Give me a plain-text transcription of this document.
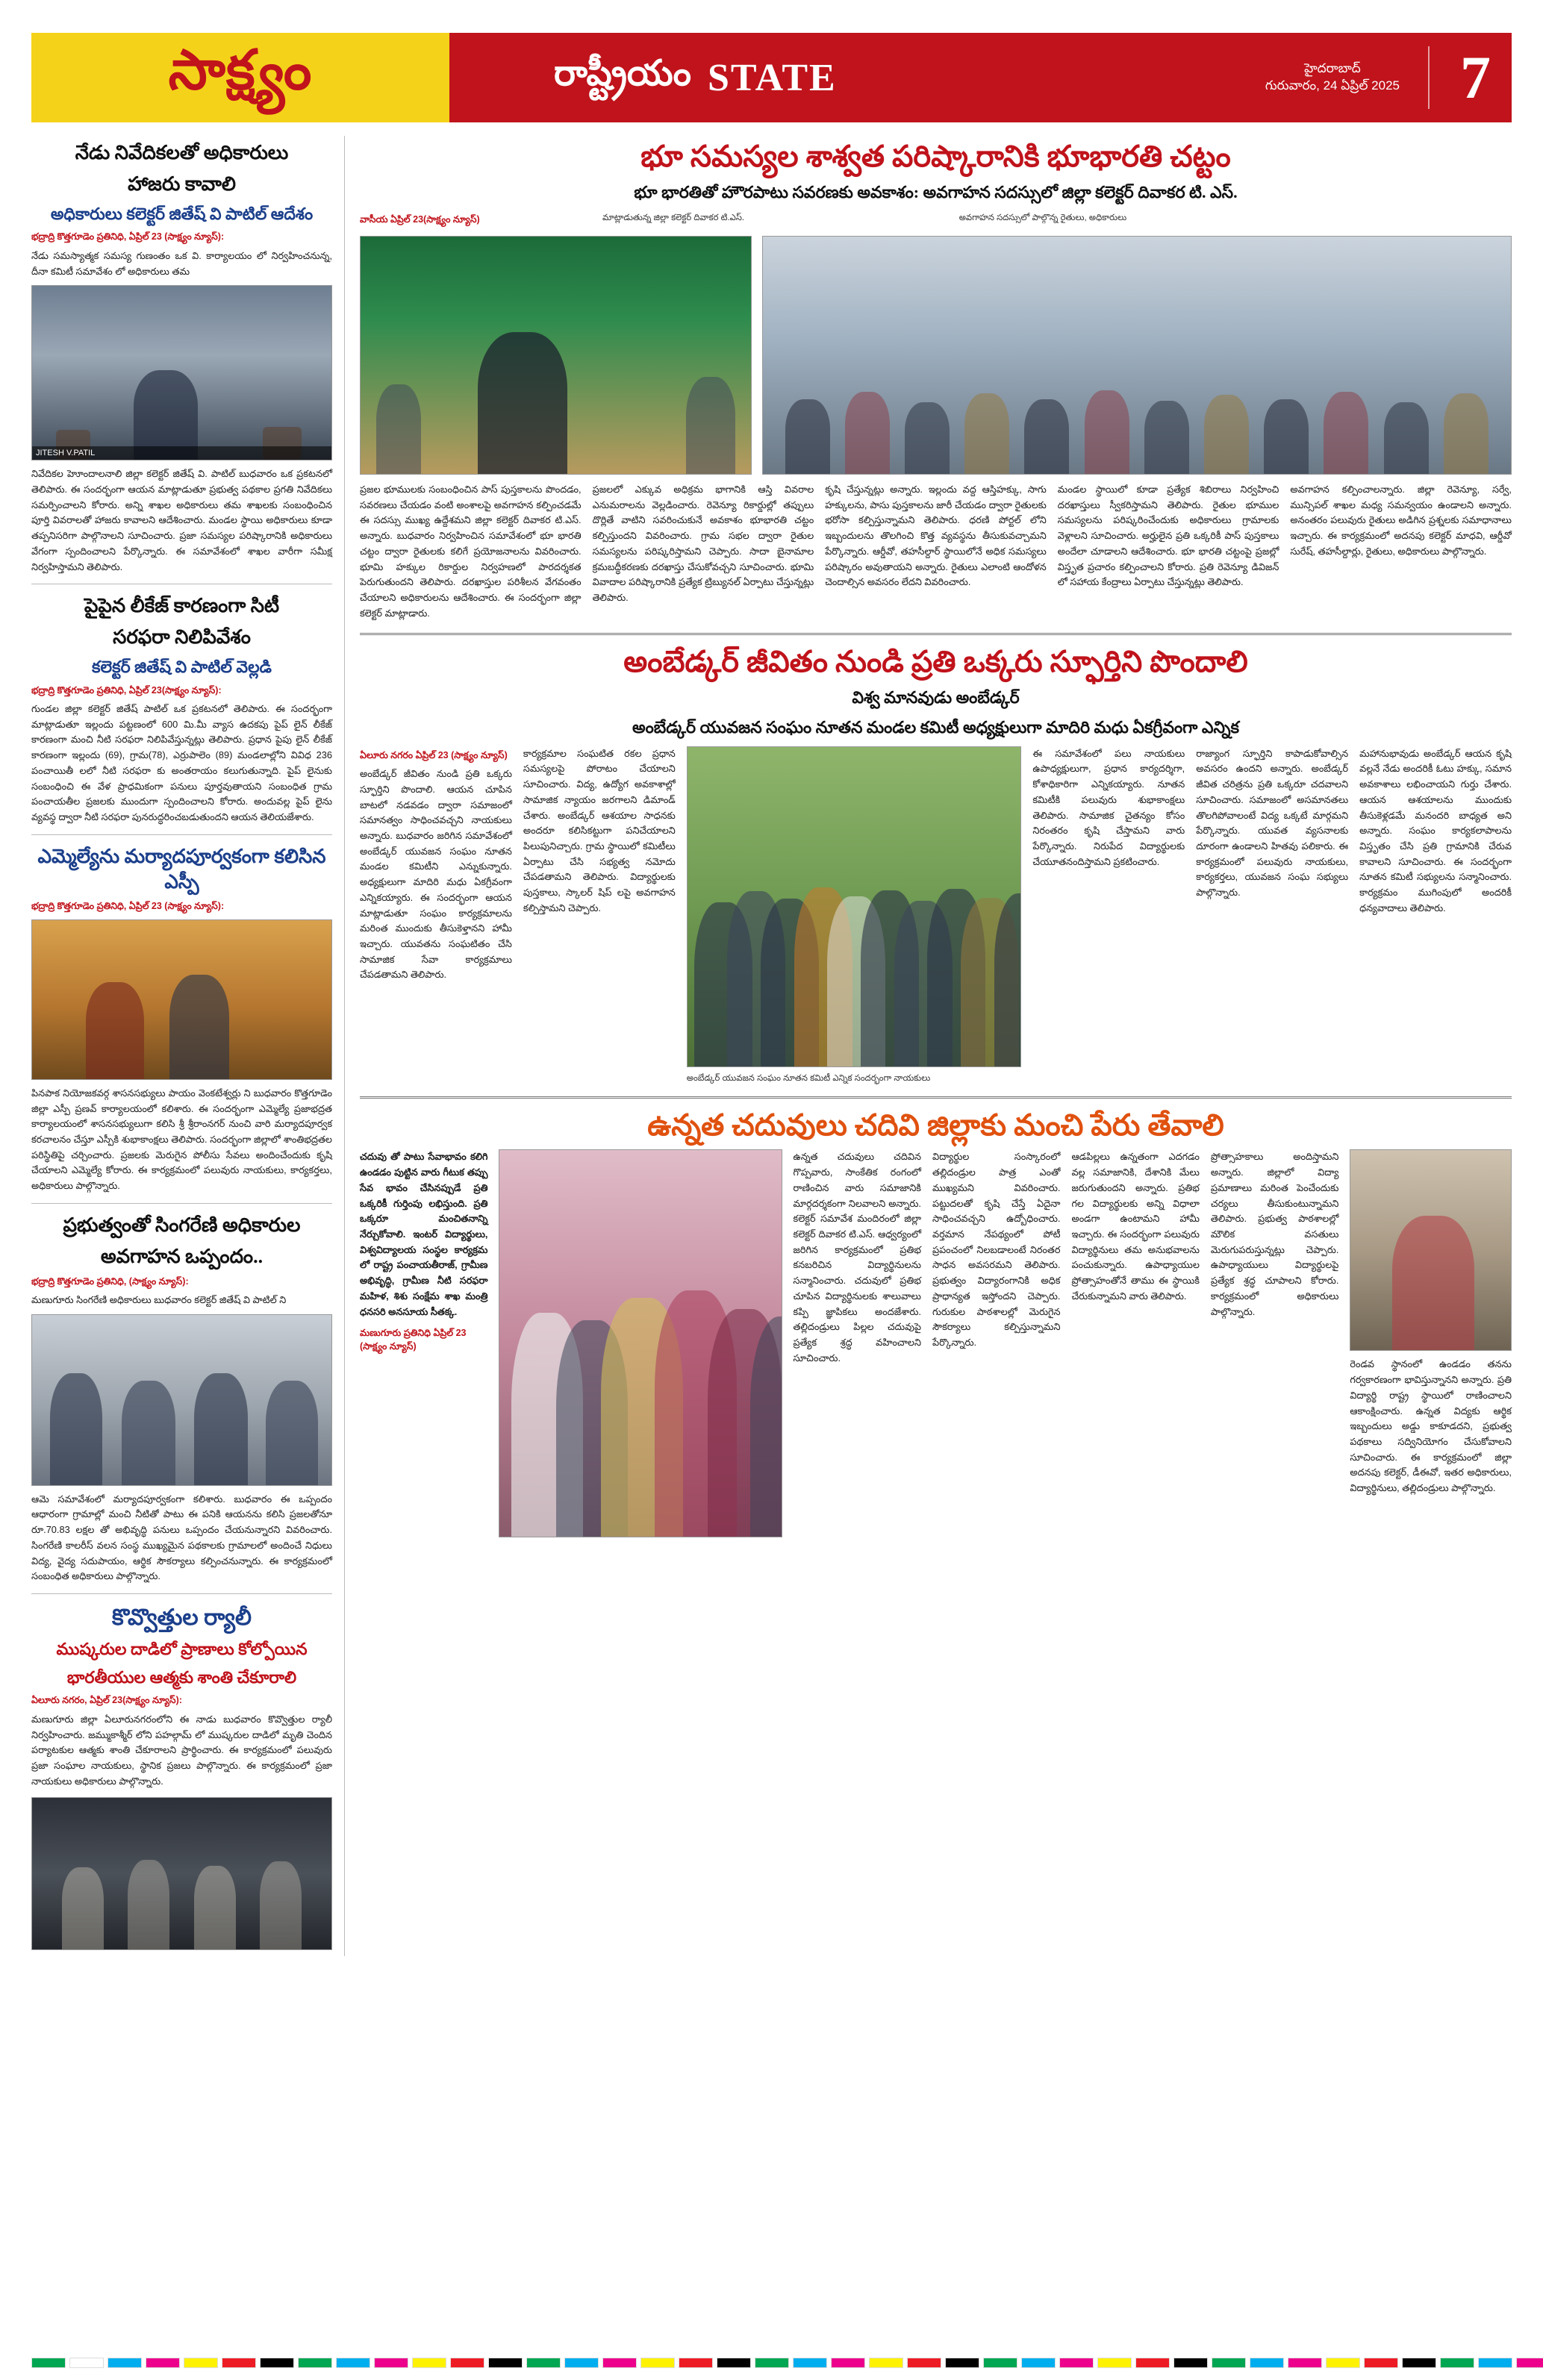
సాక్ష్యం	రాష్ట్రీయం STATE	హైదరాబాద్
గురువారం, 24 ఏప్రిల్ 2025 7
నేడు నివేదికలతో అధికారులు
హాజరు కావాలి
అధికారులు కలెక్టర్ జితేష్ వి పాటిల్ ఆదేశం
భద్రాద్రి కొత్తగూడెం ప్రతినిధి, ఏప్రిల్ 23 (సాక్ష్యం న్యూస్):
నేడు సమస్యాత్మక సమస్య గుణంతం ఒక వి. కార్యాలయం లో నిర్వహించనున్న, దీనా కమిటీ సమావేశం లో అధికారులు తమ
JITESH V.PATIL
నివేదికల హెూందాలనాలి జిల్లా కలెక్టర్ జితేష్ వి. పాటిల్ బుధవారం ఒక ప్రకటనలో తెలిపారు. ఈ సందర్భంగా ఆయన మాట్లాడుతూ ప్రభుత్వ పథకాల ప్రగతి నివేదికలు సమర్పించాలని కోరారు. అన్ని శాఖల అధికారులు తమ శాఖలకు సంబంధించిన పూర్తి వివరాలతో హాజరు కావాలని ఆదేశించారు. మండల స్థాయి అధికారులు కూడా తప్పనిసరిగా పాల్గొనాలని సూచించారు. ప్రజా సమస్యల పరిష్కారానికి అధికారులు వేగంగా స్పందించాలని పేర్కొన్నారు. ఈ సమావేశంలో శాఖల వారీగా సమీక్ష నిర్వహిస్తామని తెలిపారు.
పైపైన లీకేజ్ కారణంగా సిటీ
సరఫరా నిలిపివేశం
కలెక్టర్ జితేష్ వి పాటిల్ వెల్లడి
భద్రాద్రి కొత్తగూడెం ప్రతినిధి, ఏప్రిల్ 23(సాక్ష్యం న్యూస్):
గుండల జిల్లా కలెక్టర్ జితేష్ పాటిల్ ఒక ప్రకటనలో తెలిపారు. ఈ సందర్భంగా మాట్లాడుతూ ఇల్లందు పట్టణంలో 600 మి.మీ వ్యాస ఉదకపు పైప్ లైన్ లీకేజ్ కారణంగా మంచి నీటి సరఫరా నిలిపివేస్తున్నట్లు తెలిపారు. ప్రధాన పైపు లైన్ లీకేజ్ కారణంగా ఇల్లందు (69), గ్రామ(78), ఎర్రుపాలెం (89) మండలాల్లోని వివిధ 236 పంచాయితీ లలో నీటి సరఫరా కు అంతరాయం కలుగుతున్నాది. పైప్ లైనుకు సంబంధించి ఈ వేళ ప్రాధమికంగా పనులు పూర్తవుతాయని సంబంధిత గ్రామ పంచాయతీల ప్రజలకు ముందుగా స్పందించాలని కోరారు. అందువల్ల పైప్ లైను వ్యవస్థ ద్వారా నీటి సరఫరా పునరుద్ధరించబడుతుందని ఆయన తెలియజేశారు.
ఎమ్మెల్యేను మర్యాదపూర్వకంగా కలిసిన ఎస్పీ
భద్రాద్రి కొత్తగూడెం ప్రతినిధి, ఏప్రిల్ 23 (సాక్ష్యం న్యూస్):
పినపాక నియోజకవర్గ శాసనసభ్యులు పాయం వెంకటేశ్వర్లు ని బుధవారం కొత్తగూడెం జిల్లా ఎస్పీ ప్రణవ్ కార్యాలయంలో కలిశారు. ఈ సందర్భంగా ఎమ్మెల్యే ప్రజాభద్రత కార్యాలయంలో శాసనసభ్యులుగా కలిసి శ్రీ శ్రీరాంనగర్ నుంచి వారి మర్యాదపూర్వక కరచాలనం చేస్తూ ఎస్పీకి శుభాకాంక్షలు తెలిపారు. సందర్భంగా జిల్లాలో శాంతిభద్రతల పరిస్థితిపై చర్చించారు. ప్రజలకు మెరుగైన పోలీసు సేవలు అందించేందుకు కృషి చేయాలని ఎమ్మెల్యే కోరారు. ఈ కార్యక్రమంలో పలువురు నాయకులు, కార్యకర్తలు, అధికారులు పాల్గొన్నారు.
ప్రభుత్వంతో సింగరేణి అధికారుల
అవగాహన ఒప్పందం..
భద్రాద్రి కొత్తగూడెం ప్రతినిధి, (సాక్ష్యం న్యూస్):
మణుగూరు సింగరేణి అధికారులు బుధవారం కలెక్టర్ జితేష్ వి పాటిల్ ని
ఆమె సమావేశంలో మర్యాదపూర్వకంగా కలిశారు. బుధవారం ఈ ఒప్పందం ఆధారంగా గ్రామాల్లో మంచి నీటితో పాటు ఈ పనికి ఆయనను కలిసి ప్రజలతోనూ రూ.70.83 లక్షల తో అభివృద్ధి పనులు ఒప్పందం చేయనున్నారని వివరించారు. సింగరేణి కాలరీస్ వలన సంస్థ ముఖ్యమైన పథకాలకు గ్రామాలలో అందించే నిధులు విద్య, వైద్య సదుపాయం, ఆర్థిక సౌకర్యాలు కల్పించనున్నారు. ఈ కార్యక్రమంలో సంబంధిత అధికారులు పాల్గొన్నారు.
కొవ్వొత్తుల ర్యాలీ
ముష్కరుల దాడిలో ప్రాణాలు కోల్పోయిన
భారతీయుల ఆత్మకు శాంతి చేకూరాలి
ఏలూరు నగరం, ఏప్రిల్ 23(సాక్ష్యం న్యూస్):
మణుగూరు జిల్లా ఏలూరునగరంలోని ఈ నాడు బుధవారం కొవ్వొత్తుల ర్యాలీ నిర్వహించారు. జమ్ముకాశ్మీర్ లోని పహల్గామ్ లో ముష్కరుల దాడిలో మృతి చెందిన పర్యాటకుల ఆత్మకు శాంతి చేకూరాలని ప్రార్థించారు. ఈ కార్యక్రమంలో పలువురు ప్రజా సంఘాల నాయకులు, స్థానిక ప్రజలు పాల్గొన్నారు. ఈ కార్యక్రమంలో ప్రజా నాయకులు అధికారులు పాల్గొన్నారు.
భూ సమస్యల శాశ్వత పరిష్కారానికి భూభారతి చట్టం
భూ భారతితో హౌరపాటు సవరణకు అవకాశం: అవగాహన సదస్సులో జిల్లా కలెక్టర్ దివాకర టి. ఎస్.
వాసీయ ఏప్రిల్ 23(సాక్ష్యం న్యూస్)	మాట్లాడుతున్న జిల్లా కలెక్టర్ దివాకర టి.ఎస్.	అవగాహన సదస్సులో పాల్గొన్న రైతులు, అధికారులు
ప్రజల భూములకు సంబంధించిన పాస్ పుస్తకాలను పొందడం, సవరణలు చేయడం వంటి అంశాలపై అవగాహన కల్పించడమే ఈ సదస్సు ముఖ్య ఉద్దేశమని జిల్లా కలెక్టర్ దివాకర టి.ఎస్. అన్నారు. బుధవారం నిర్వహించిన సమావేశంలో భూ భారతి చట్టం ద్వారా రైతులకు కలిగే ప్రయోజనాలను వివరించారు. భూమి హక్కుల రికార్డుల నిర్వహణలో పారదర్శకత పెరుగుతుందని తెలిపారు. దరఖాస్తుల పరిశీలన వేగవంతం చేయాలని అధికారులను ఆదేశించారు. ఈ సందర్భంగా జిల్లా కలెక్టర్ మాట్లాడారు.
ప్రజలలో ఎక్కువ అధిక్రమ భాగానికి ఆస్తి వివరాల ఎనుమరాలను వెల్లడించారు. రెవెన్యూ రికార్డుల్లో తప్పులు దొర్లితే వాటిని సవరించుకునే అవకాశం భూభారతి చట్టం కల్పిస్తుందని వివరించారు. గ్రామ సభల ద్వారా రైతుల సమస్యలను పరిష్కరిస్తామని చెప్పారు. సాదా బైనామాల క్రమబద్ధీకరణకు దరఖాస్తు చేసుకోవచ్చని సూచించారు. భూమి వివాదాల పరిష్కారానికి ప్రత్యేక ట్రిబ్యునల్ ఏర్పాటు చేస్తున్నట్లు తెలిపారు.
కృషి చేస్తున్నట్లు అన్నారు. ఇల్లందు వద్ద ఆస్తిహక్కు, సాగు హక్కులను, పాసు పుస్తకాలను జారీ చేయడం ద్వారా రైతులకు భరోసా కల్పిస్తున్నామని తెలిపారు. ధరణి పోర్టల్ లోని ఇబ్బందులను తొలగించి కొత్త వ్యవస్థను తీసుకువచ్చామని పేర్కొన్నారు. ఆర్డీవో, తహసీల్దార్ స్థాయిలోనే అధిక సమస్యలు పరిష్కారం అవుతాయని అన్నారు. రైతులు ఎలాంటి ఆందోళన చెందాల్సిన అవసరం లేదని వివరించారు.
మండల స్థాయిలో కూడా ప్రత్యేక శిబిరాలు నిర్వహించి దరఖాస్తులు స్వీకరిస్తామని తెలిపారు. రైతుల భూముల సమస్యలను పరిష్కరించేందుకు అధికారులు గ్రామాలకు వెళ్లాలని సూచించారు. అర్హులైన ప్రతి ఒక్కరికీ పాస్ పుస్తకాలు అందేలా చూడాలని ఆదేశించారు. భూ భారతి చట్టంపై ప్రజల్లో విస్తృత ప్రచారం కల్పించాలని కోరారు. ప్రతి రెవెన్యూ డివిజన్ లో సహాయ కేంద్రాలు ఏర్పాటు చేస్తున్నట్లు తెలిపారు.
అవగాహన కల్పించాలన్నారు. జిల్లా రెవెన్యూ, సర్వే, మున్సిపల్ శాఖల మధ్య సమన్వయం ఉండాలని అన్నారు. అనంతరం పలువురు రైతులు అడిగిన ప్రశ్నలకు సమాధానాలు ఇచ్చారు. ఈ కార్యక్రమంలో అదనపు కలెక్టర్ మాధవి, ఆర్డీవో సురేష్, తహసీల్దార్లు, రైతులు, అధికారులు పాల్గొన్నారు.
అంబేడ్కర్ జీవితం నుండి ప్రతి ఒక్కరు స్ఫూర్తిని పొందాలి
విశ్వ మానవుడు అంబేడ్కర్
అంబేడ్కర్ యువజన సంఘం నూతన మండల కమిటీ అధ్యక్షులుగా మాదిరి మధు ఏకగ్రీవంగా ఎన్నిక
ఏలూరు నగరం ఏప్రిల్ 23 (సాక్ష్యం న్యూస్)
అంబేడ్కర్ జీవితం నుండి ప్రతి ఒక్కరు స్ఫూర్తిని పొందాలి. ఆయన చూపిన బాటలో నడవడం ద్వారా సమాజంలో సమానత్వం సాధించవచ్చని నాయకులు అన్నారు. బుధవారం జరిగిన సమావేశంలో అంబేడ్కర్ యువజన సంఘం నూతన మండల కమిటీని ఎన్నుకున్నారు. అధ్యక్షులుగా మాదిరి మధు ఏకగ్రీవంగా ఎన్నికయ్యారు. ఈ సందర్భంగా ఆయన మాట్లాడుతూ సంఘం కార్యక్రమాలను మరింత ముందుకు తీసుకెళ్తానని హామీ ఇచ్చారు. యువతను సంఘటితం చేసి సామాజిక సేవా కార్యక్రమాలు చేపడతామని తెలిపారు.
కార్యక్రమాల సంఘటిత రకల ప్రధాన సమస్యలపై పోరాటం చేయాలని సూచించారు. విద్య, ఉద్యోగ అవకాశాల్లో సామాజిక న్యాయం జరగాలని డిమాండ్ చేశారు. అంబేడ్కర్ ఆశయాల సాధనకు అందరూ కలిసికట్టుగా పనిచేయాలని పిలుపునిచ్చారు. గ్రామ స్థాయిలో కమిటీలు ఏర్పాటు చేసి సభ్యత్వ నమోదు చేపడతామని తెలిపారు. విద్యార్థులకు పుస్తకాలు, స్కాలర్ షిప్ లపై అవగాహన కల్పిస్తామని చెప్పారు.
అంబేడ్కర్ యువజన సంఘం నూతన కమిటీ ఎన్నిక సందర్భంగా నాయకులు
ఈ సమావేశంలో పలు నాయకులు ఉపాధ్యక్షులుగా, ప్రధాన కార్యదర్శిగా, కోశాధికారిగా ఎన్నికయ్యారు. నూతన కమిటీకి పలువురు శుభాకాంక్షలు తెలిపారు. సామాజిక చైతన్యం కోసం నిరంతరం కృషి చేస్తామని వారు పేర్కొన్నారు. నిరుపేద విద్యార్థులకు చేయూతనందిస్తామని ప్రకటించారు.
రాజ్యాంగ స్ఫూర్తిని కాపాడుకోవాల్సిన అవసరం ఉందని అన్నారు. అంబేడ్కర్ జీవిత చరిత్రను ప్రతి ఒక్కరూ చదవాలని సూచించారు. సమాజంలో అసమానతలు తొలగిపోవాలంటే విద్య ఒక్కటే మార్గమని పేర్కొన్నారు. యువత వ్యసనాలకు దూరంగా ఉండాలని హితవు పలికారు. ఈ కార్యక్రమంలో పలువురు నాయకులు, కార్యకర్తలు, యువజన సంఘ సభ్యులు పాల్గొన్నారు.
మహానుభావుడు అంబేడ్కర్ ఆయన కృషి వల్లనే నేడు అందరికీ ఓటు హక్కు, సమాన అవకాశాలు లభించాయని గుర్తు చేశారు. ఆయన ఆశయాలను ముందుకు తీసుకెళ్లడమే మనందరి బాధ్యత అని అన్నారు. సంఘం కార్యకలాపాలను విస్తృతం చేసి ప్రతి గ్రామానికి చేరువ కావాలని సూచించారు. ఈ సందర్భంగా నూతన కమిటీ సభ్యులను సన్మానించారు. కార్యక్రమం ముగింపులో అందరికీ ధన్యవాదాలు తెలిపారు.
ఉన్నత చదువులు చదివి జిల్లాకు మంచి పేరు తేవాలి
చదువు తో పాటు సేవాభావం కలిగి ఉండడం పుట్టిన వారు గీటుక తప్పు సేవ భావం చేసినప్పుడే ప్రతి ఒక్కరికీ గుర్తింపు లభిస్తుంది. ప్రతి ఒక్కరూ మంచితనాన్ని నేర్చుకోవాలి. ఇంటర్ విద్యార్థులు, విశ్వవిద్యాలయ సంస్థల కార్యక్రమ లో రాష్ట్ర పంచాయతీరాజ్, గ్రామీణ అభివృద్ధి, గ్రామీణ నీటి సరఫరా మహిళ, శిశు సంక్షేమ శాఖ మంత్రి ధనసరి అనసూయ సీతక్క.
మణుగూరు ప్రతినిధి ఏప్రిల్ 23 (సాక్ష్యం న్యూస్)
ఉన్నత చదువులు చదివిన గొప్పవారు, సాంకేతిక రంగంలో రాణించిన వారు సమాజానికి మార్గదర్శకంగా నిలవాలని అన్నారు. కలెక్టర్ సమావేశ మందిరంలో జిల్లా కలెక్టర్ దివాకర టి.ఎస్. ఆధ్వర్యంలో జరిగిన కార్యక్రమంలో ప్రతిభ కనబరిచిన విద్యార్థినులను సన్మానించారు. చదువులో ప్రతిభ చూపిన విద్యార్థినులకు శాలువాలు కప్పి జ్ఞాపికలు అందజేశారు. తల్లిదండ్రులు పిల్లల చదువుపై ప్రత్యేక శ్రద్ధ వహించాలని సూచించారు.
విద్యార్థుల సంస్కారంలో తల్లిదండ్రుల పాత్ర ఎంతో ముఖ్యమని వివరించారు. పట్టుదలతో కృషి చేస్తే ఏదైనా సాధించవచ్చని ఉద్బోధించారు. వర్తమాన నేపథ్యంలో పోటీ ప్రపంచంలో నిలబడాలంటే నిరంతర సాధన అవసరమని తెలిపారు. ప్రభుత్వం విద్యారంగానికి అధిక ప్రాధాన్యత ఇస్తోందని చెప్పారు. గురుకుల పాఠశాలల్లో మెరుగైన సౌకర్యాలు కల్పిస్తున్నామని పేర్కొన్నారు.
ఆడపిల్లలు ఉన్నతంగా ఎదగడం వల్ల సమాజానికి, దేశానికి మేలు జరుగుతుందని అన్నారు. ప్రతిభ గల విద్యార్థులకు అన్ని విధాలా అండగా ఉంటామని హామీ ఇచ్చారు. ఈ సందర్భంగా పలువురు విద్యార్థినులు తమ అనుభవాలను పంచుకున్నారు. ఉపాధ్యాయుల ప్రోత్సాహంతోనే తాము ఈ స్థాయికి చేరుకున్నామని వారు తెలిపారు.
ప్రోత్సాహకాలు అందిస్తామని అన్నారు. జిల్లాలో విద్యా ప్రమాణాలు మరింత పెంచేందుకు చర్యలు తీసుకుంటున్నామని తెలిపారు. ప్రభుత్వ పాఠశాలల్లో మౌలిక వసతులు మెరుగుపరుస్తున్నట్లు చెప్పారు. ఉపాధ్యాయులు విద్యార్థులపై ప్రత్యేక శ్రద్ధ చూపాలని కోరారు. కార్యక్రమంలో అధికారులు పాల్గొన్నారు.
రెండవ స్థానంలో ఉండడం తనను గర్వకారణంగా భావిస్తున్నానని అన్నారు. ప్రతి విద్యార్థి రాష్ట్ర స్థాయిలో రాణించాలని ఆకాంక్షించారు. ఉన్నత విద్యకు ఆర్థిక ఇబ్బందులు అడ్డు కాకూడదని, ప్రభుత్వ పథకాలు సద్వినియోగం చేసుకోవాలని సూచించారు. ఈ కార్యక్రమంలో జిల్లా అదనపు కలెక్టర్, డీఈవో, ఇతర అధికారులు, విద్యార్థినులు, తల్లిదండ్రులు పాల్గొన్నారు.
